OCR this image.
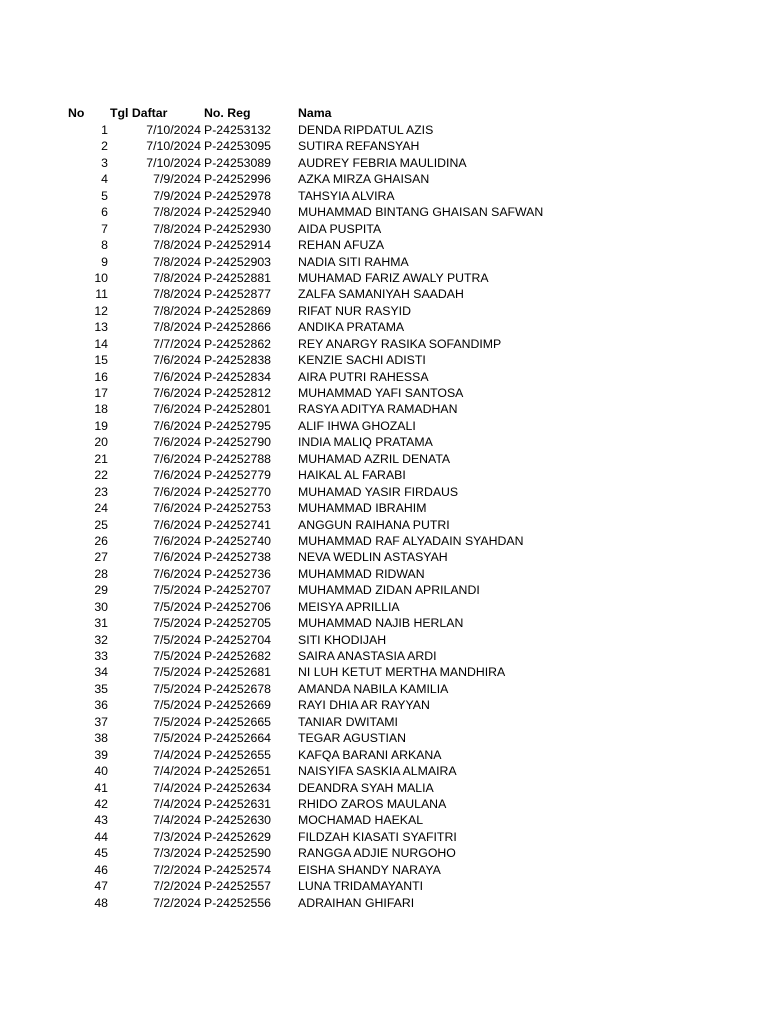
No Tgl Daftar	No. Reg	Nama
1	7/10/2024 P-24253132 DENDA RIPDATUL AZIS
2	7/10/2024 P-24253095 SUTIRA REFANSYAH
3	7/10/2024 P-24253089 AUDREY FEBRIA MAULIDINA
4	7/9/2024 P-24252996 AZKA MIRZA GHAISAN
5	7/9/2024 P-24252978 TAHSYIA ALVIRA
6	7/8/2024 P-24252940 MUHAMMAD BINTANG GHAISAN SAFWAN
7	7/8/2024 P-24252930 AIDA PUSPITA
8	7/8/2024 P-24252914 REHAN AFUZA
9	7/8/2024 P-24252903 NADIA SITI RAHMA
10	7/8/2024 P-24252881 MUHAMAD FARIZ AWALY PUTRA
11	7/8/2024 P-24252877 ZALFA SAMANIYAH SAADAH
12	7/8/2024 P-24252869 RIFAT NUR RASYID
13	7/8/2024 P-24252866 ANDIKA PRATAMA
14	7/7/2024 P-24252862 REY ANARGY RASIKA SOFANDIMP
15	7/6/2024 P-24252838 KENZIE SACHI ADISTI
16	7/6/2024 P-24252834 AIRA PUTRI RAHESSA
17	7/6/2024 P-24252812 MUHAMMAD YAFI SANTOSA
18	7/6/2024 P-24252801 RASYA ADITYA RAMADHAN
19	7/6/2024 P-24252795 ALIF IHWA GHOZALI
20	7/6/2024 P-24252790 INDIA MALIQ PRATAMA
21	7/6/2024 P-24252788 MUHAMAD AZRIL DENATA
22	7/6/2024 P-24252779 HAIKAL AL FARABI
23	7/6/2024 P-24252770 MUHAMAD YASIR FIRDAUS
24	7/6/2024 P-24252753 MUHAMMAD IBRAHIM
25	7/6/2024 P-24252741 ANGGUN RAIHANA PUTRI
26	7/6/2024 P-24252740 MUHAMMAD RAF ALYADAIN SYAHDAN
27	7/6/2024 P-24252738 NEVA WEDLIN ASTASYAH
28	7/6/2024 P-24252736 MUHAMMAD RIDWAN
29	7/5/2024 P-24252707 MUHAMMAD ZIDAN APRILANDI
30	7/5/2024 P-24252706 MEISYA APRILLIA
31	7/5/2024 P-24252705 MUHAMMAD NAJIB HERLAN
32	7/5/2024 P-24252704 SITI KHODIJAH
33	7/5/2024 P-24252682 SAIRA ANASTASIA ARDI
34	7/5/2024 P-24252681 NI LUH KETUT MERTHA MANDHIRA
35	7/5/2024 P-24252678 AMANDA NABILA KAMILIA
36	7/5/2024 P-24252669 RAYI DHIA AR RAYYAN
37	7/5/2024 P-24252665 TANIAR DWITAMI
38	7/5/2024 P-24252664 TEGAR AGUSTIAN
39	7/4/2024 P-24252655 KAFQA BARANI ARKANA
40	7/4/2024 P-24252651 NAISYIFA SASKIA ALMAIRA
41	7/4/2024 P-24252634 DEANDRA SYAH MALIA
42	7/4/2024 P-24252631 RHIDO ZAROS MAULANA
43	7/4/2024 P-24252630 MOCHAMAD HAEKAL
44	7/3/2024 P-24252629 FILDZAH KIASATI SYAFITRI
45	7/3/2024 P-24252590 RANGGA ADJIE NURGOHO
46	7/2/2024 P-24252574 EISHA SHANDY NARAYA
47	7/2/2024 P-24252557 LUNA TRIDAMAYANTI
48	7/2/2024 P-24252556 ADRAIHAN GHIFARI
